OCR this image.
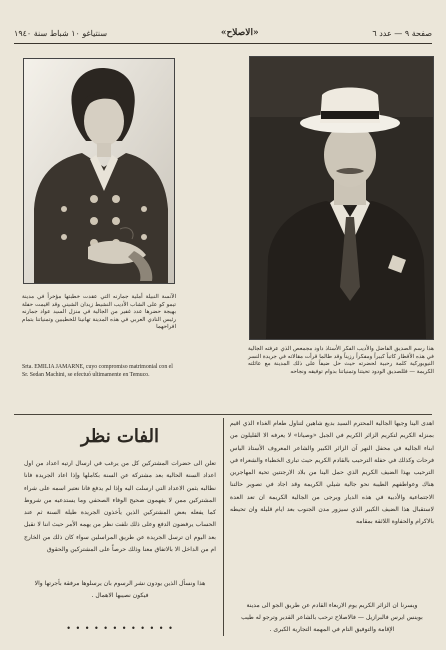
صفحة ٩ — عدد ٦
«الاصلاح»
سنتياغو ١٠ شباط سنة ١٩٤٠
الآنسة النبيلة أملية جمارنه التي عقدت خطبتها مؤخراً في مدينة تيمو كو على الشاب الأديب النشيط زيدان الشيني وقد اقيمت حفلة بهيجة حضرها عدد غفير من الجالية في منزل السيد عواد جمارنه رئيس النادي العربي في هذه المدينة تهانينا للخطيبين وتمنياتنا بتمام افراحهما
Srta. EMILIA JAMARNE, cuyo compromiso matrimonial con el Sr. Sedan Machini, se efectuó ultimamente en Temuco.
هذا رسم الصديق الفاضل والأديب الفكر الأستاذ داود مجمعص الذي عرفته الجالية في هذه الأقطار كاتباً كبيراً ومفكراً رزيناً وقد طالما قرأت مقالاته في جريدة النسر النيويوركية كلمة رحبية لحضرته حيث حل ضيفاً على ذلك المدينة مع عائلته الكريمة — فللصديق الودود تحيتنا وتمنياتنا بدوام توفيقه ونجاحه
الفات نظر
تعلن الى حضرات المشتركين كل من يرغب في ارسال ارتيه اعداد من اول اعداد السنة الحالية بعد مشتركة عن السنة بكاملها وإذا اعاد الجريدة فانا نطالبه بثمن الاعداد التي ارسلت اليه وإذا لم يدفع فانا نعتبر اسمه على شراء المشتركين ممن لا يفهمون صحيح الوفاء الصحفي وما يستدعيه من شروط كما يفعله بعض المشتركين الذين يأخذون الجريدة طيلة السنة ثم عند الحساب يرفضون الدفع وعلى ذلك نلفت نظر من يهمه الأمر حيث اننا لا نقبل بعد اليوم ان ترسل الجريدة عن طريق المراسلين سواء كان ذلك من الخارج ام من الداخل الا بالاتفاق معنا وذلك حرصاً على المشتركين والحقوق
هذا ونسأل الذين يودون نشر الرسوم بان يرسلوها مرفقة بأجرتها والا
فيكون نصيبها الاهمال .
• • • • • • • • • • • •
اهدى الينا وجيها الجالية المحترم السيد بديع شاهين لتناول طعام الغداء الذي اقيم بمنزله الكريم لتكريم الزائر الكريم في الجبل «وصيانا» لا يعرفه الا القليلون من ابناء الجالية في محفل النهر آن الزائر الكبير والشاعر المعروف الأستاذ الياس فرحات وكذلك في حفلة الترحيب بالقادم الكريم حيث تبارى الخطباء والشعراء في الترحيب بهذا الضيف الكريم الذي حمل الينا من بلاد الارجنتين تحية المهاجرين هناك وعواطفهم الطيبة نحو جالية شيلي الكريمة وقد اجاد في تصوير حالتنا الاجتماعية والأدبية في هذه الديار ويرجى من الجالية الكريمة ان تعد العدة لاستقبال هذا الضيف الكبير الذي سيزور مدن الجنوب بعد ايام قليلة وان تحيطه بالاكرام والحفاوة اللائقة بمقامه
ويسرنا ان الزائر الكريم يوم الاربعاء القادم عن طريق الجو الى مدينة
بوينس ايرس فالبرازيل — فالاصلاح ترحب بالشاعر القدير وترجو له طيب
الإقامة والتوفيق التام في المهمة التجارية الكبرى .
